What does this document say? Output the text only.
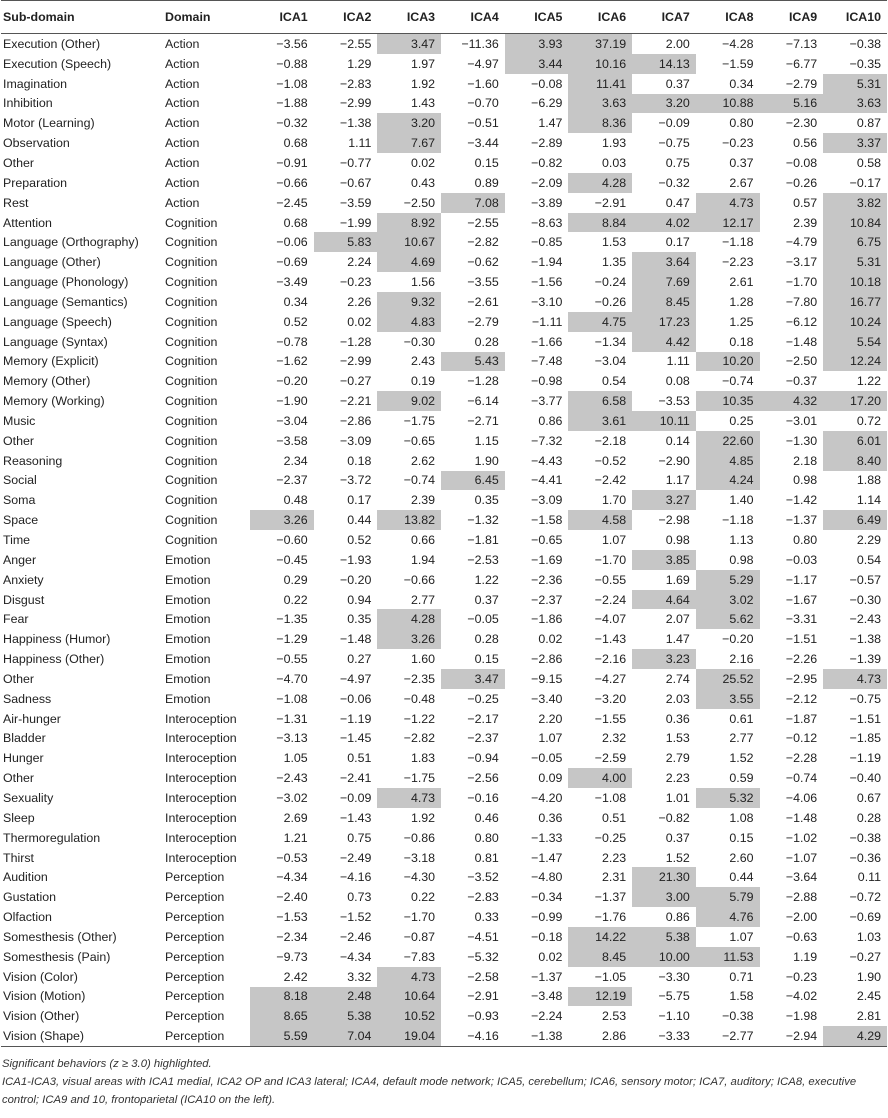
Sub-domain	Domain	ICA1	ICA2	ICA3	ICA4	ICA5	ICA6	ICA7	ICA8	ICA9	ICA10
Execution (Other)	Action	−3.56	−2.55	3.47	−11.36	3.93	37.19	2.00	−4.28	−7.13	−0.38
Execution (Speech)	Action	−0.88	1.29	1.97	−4.97	3.44	10.16	14.13	−1.59	−6.77	−0.35
Imagination	Action	−1.08	−2.83	1.92	−1.60	−0.08	11.41	0.37	0.34	−2.79	5.31
Inhibition	Action	−1.88	−2.99	1.43	−0.70	−6.29	3.63	3.20	10.88	5.16	3.63
Motor (Learning)	Action	−0.32	−1.38	3.20	−0.51	1.47	8.36	−0.09	0.80	−2.30	0.87
Observation	Action	0.68	1.11	7.67	−3.44	−2.89	1.93	−0.75	−0.23	0.56	3.37
Other	Action	−0.91	−0.77	0.02	0.15	−0.82	0.03	0.75	0.37	−0.08	0.58
Preparation	Action	−0.66	−0.67	0.43	0.89	−2.09	4.28	−0.32	2.67	−0.26	−0.17
Rest	Action	−2.45	−3.59	−2.50	7.08	−3.89	−2.91	0.47	4.73	0.57	3.82
Attention	Cognition	0.68	−1.99	8.92	−2.55	−8.63	8.84	4.02	12.17	2.39	10.84
Language (Orthography)	Cognition	−0.06	5.83	10.67	−2.82	−0.85	1.53	0.17	−1.18	−4.79	6.75
Language (Other)	Cognition	−0.69	2.24	4.69	−0.62	−1.94	1.35	3.64	−2.23	−3.17	5.31
Language (Phonology)	Cognition	−3.49	−0.23	1.56	−3.55	−1.56	−0.24	7.69	2.61	−1.70	10.18
Language (Semantics)	Cognition	0.34	2.26	9.32	−2.61	−3.10	−0.26	8.45	1.28	−7.80	16.77
Language (Speech)	Cognition	0.52	0.02	4.83	−2.79	−1.11	4.75	17.23	1.25	−6.12	10.24
Language (Syntax)	Cognition	−0.78	−1.28	−0.30	0.28	−1.66	−1.34	4.42	0.18	−1.48	5.54
Memory (Explicit)	Cognition	−1.62	−2.99	2.43	5.43	−7.48	−3.04	1.11	10.20	−2.50	12.24
Memory (Other)	Cognition	−0.20	−0.27	0.19	−1.28	−0.98	0.54	0.08	−0.74	−0.37	1.22
Memory (Working)	Cognition	−1.90	−2.21	9.02	−6.14	−3.77	6.58	−3.53	10.35	4.32	17.20
Music	Cognition	−3.04	−2.86	−1.75	−2.71	0.86	3.61	10.11	0.25	−3.01	0.72
Other	Cognition	−3.58	−3.09	−0.65	1.15	−7.32	−2.18	0.14	22.60	−1.30	6.01
Reasoning	Cognition	2.34	0.18	2.62	1.90	−4.43	−0.52	−2.90	4.85	2.18	8.40
Social	Cognition	−2.37	−3.72	−0.74	6.45	−4.41	−2.42	1.17	4.24	0.98	1.88
Soma	Cognition	0.48	0.17	2.39	0.35	−3.09	1.70	3.27	1.40	−1.42	1.14
Space	Cognition	3.26	0.44	13.82	−1.32	−1.58	4.58	−2.98	−1.18	−1.37	6.49
Time	Cognition	−0.60	0.52	0.66	−1.81	−0.65	1.07	0.98	1.13	0.80	2.29
Anger	Emotion	−0.45	−1.93	1.94	−2.53	−1.69	−1.70	3.85	0.98	−0.03	0.54
Anxiety	Emotion	0.29	−0.20	−0.66	1.22	−2.36	−0.55	1.69	5.29	−1.17	−0.57
Disgust	Emotion	0.22	0.94	2.77	0.37	−2.37	−2.24	4.64	3.02	−1.67	−0.30
Fear	Emotion	−1.35	0.35	4.28	−0.05	−1.86	−4.07	2.07	5.62	−3.31	−2.43
Happiness (Humor)	Emotion	−1.29	−1.48	3.26	0.28	0.02	−1.43	1.47	−0.20	−1.51	−1.38
Happiness (Other)	Emotion	−0.55	0.27	1.60	0.15	−2.86	−2.16	3.23	2.16	−2.26	−1.39
Other	Emotion	−4.70	−4.97	−2.35	3.47	−9.15	−4.27	2.74	25.52	−2.95	4.73
Sadness	Emotion	−1.08	−0.06	−0.48	−0.25	−3.40	−3.20	2.03	3.55	−2.12	−0.75
Air-hunger	Interoception	−1.31	−1.19	−1.22	−2.17	2.20	−1.55	0.36	0.61	−1.87	−1.51
Bladder	Interoception	−3.13	−1.45	−2.82	−2.37	1.07	2.32	1.53	2.77	−0.12	−1.85
Hunger	Interoception	1.05	0.51	1.83	−0.94	−0.05	−2.59	2.79	1.52	−2.28	−1.19
Other	Interoception	−2.43	−2.41	−1.75	−2.56	0.09	4.00	2.23	0.59	−0.74	−0.40
Sexuality	Interoception	−3.02	−0.09	4.73	−0.16	−4.20	−1.08	1.01	5.32	−4.06	0.67
Sleep	Interoception	2.69	−1.43	1.92	0.46	0.36	0.51	−0.82	1.08	−1.48	0.28
Thermoregulation	Interoception	1.21	0.75	−0.86	0.80	−1.33	−0.25	0.37	0.15	−1.02	−0.38
Thirst	Interoception	−0.53	−2.49	−3.18	0.81	−1.47	2.23	1.52	2.60	−1.07	−0.36
Audition	Perception	−4.34	−4.16	−4.30	−3.52	−4.80	2.31	21.30	0.44	−3.64	0.11
Gustation	Perception	−2.40	0.73	0.22	−2.83	−0.34	−1.37	3.00	5.79	−2.88	−0.72
Olfaction	Perception	−1.53	−1.52	−1.70	0.33	−0.99	−1.76	0.86	4.76	−2.00	−0.69
Somesthesis (Other)	Perception	−2.34	−2.46	−0.87	−4.51	−0.18	14.22	5.38	1.07	−0.63	1.03
Somesthesis (Pain)	Perception	−9.73	−4.34	−7.83	−5.32	0.02	8.45	10.00	11.53	1.19	−0.27
Vision (Color)	Perception	2.42	3.32	4.73	−2.58	−1.37	−1.05	−3.30	0.71	−0.23	1.90
Vision (Motion)	Perception	8.18	2.48	10.64	−2.91	−3.48	12.19	−5.75	1.58	−4.02	2.45
Vision (Other)	Perception	8.65	5.38	10.52	−0.93	−2.24	2.53	−1.10	−0.38	−1.98	2.81
Vision (Shape)	Perception	5.59	7.04	19.04	−4.16	−1.38	2.86	−3.33	−2.77	−2.94	4.29

Significant behaviors (z ≥ 3.0) highlighted.

ICA1-ICA3, visual areas with ICA1 medial, ICA2 OP and ICA3 lateral; ICA4, default mode network; ICA5, cerebellum; ICA6, sensory motor; ICA7, auditory; ICA8, executive control; ICA9 and 10, frontoparietal (ICA10 on the left).
